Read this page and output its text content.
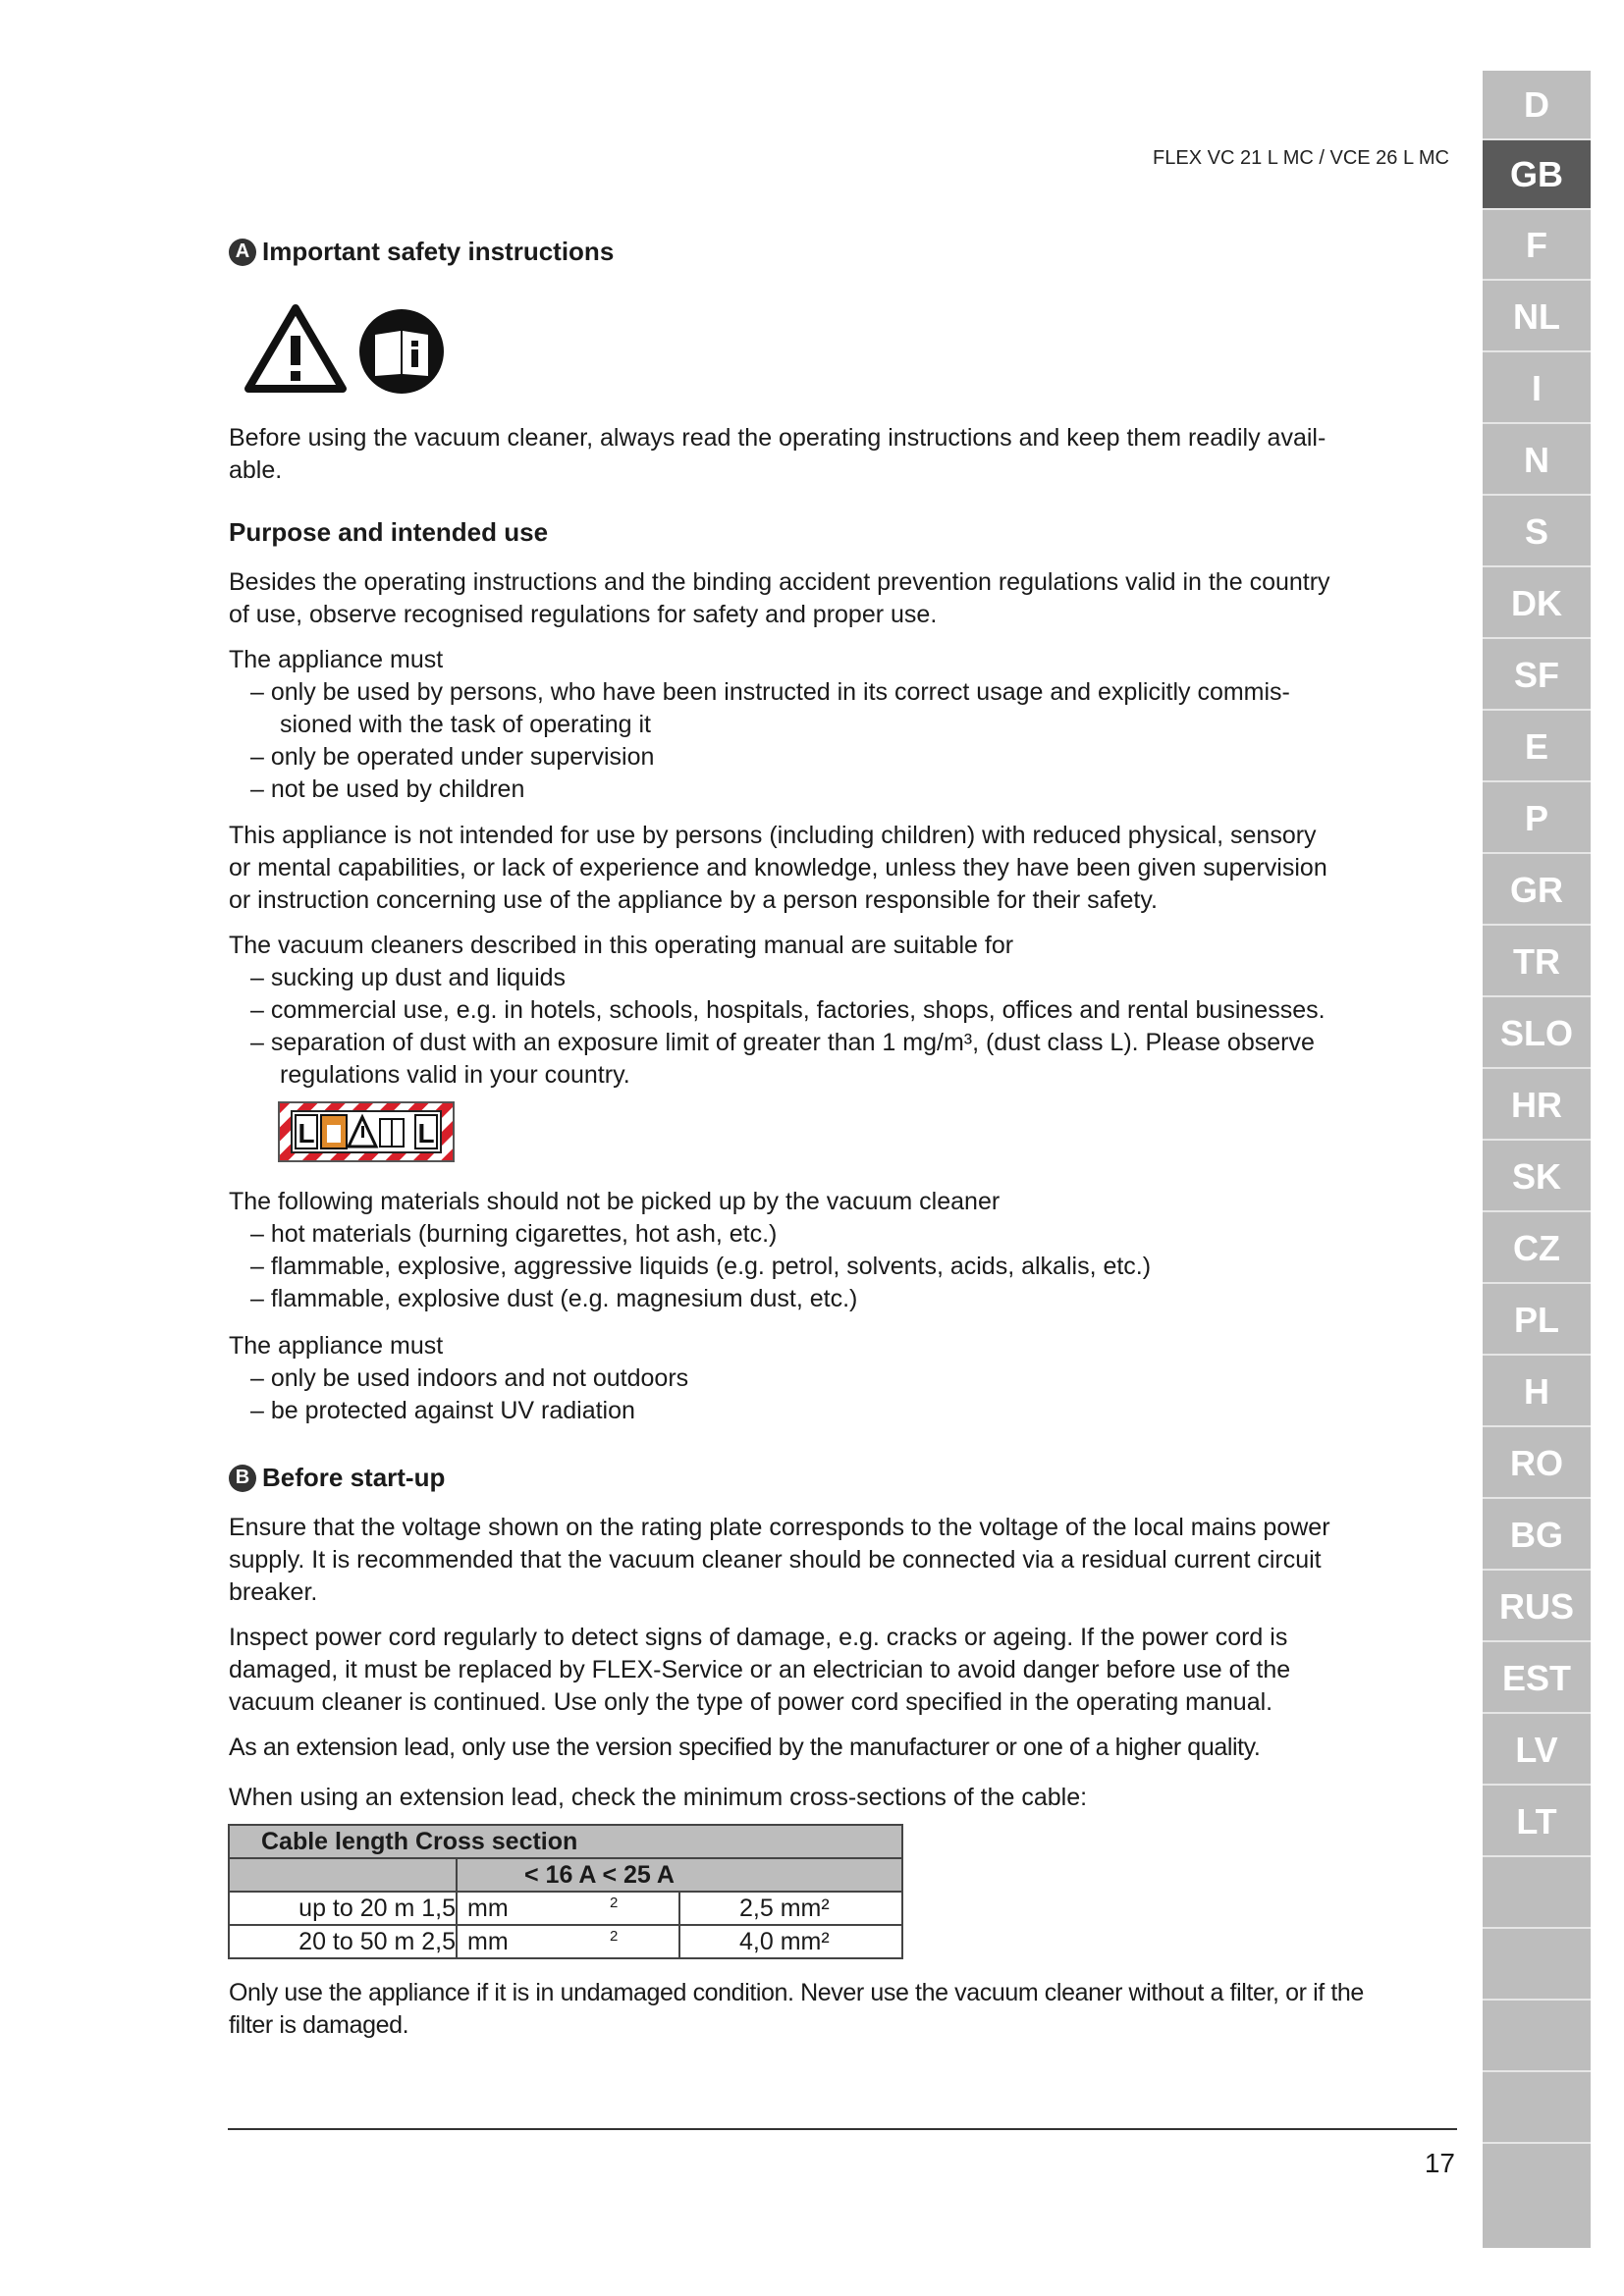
FLEX VC 21 L MC / VCE 26 L MC
D
GB
F
NL
I
N
S
DK
SF
E
P
GR
TR
SLO
HR
SK
CZ
PL
H
RO
BG
RUS
EST
LV
LT
A Important safety instructions

Before using the vacuum cleaner, always read the operating instructions and keep them readily avail-

able.

Purpose and intended use

Besides the operating instructions and the binding accident prevention regulations valid in the country

of use, observe recognised regulations for safety and proper use.

The appliance must

– only be used by persons, who have been instructed in its correct usage and explicitly commis-

sioned with the task of operating it

– only be operated under supervision

– not be used by children

This appliance is not intended for use by persons (including children) with reduced physical, sensory

or mental capabilities, or lack of experience and knowledge, unless they have been given supervision

or instruction concerning use of the appliance by a person responsible for their safety.

The vacuum cleaners described in this operating manual are suitable for

– sucking up dust and liquids

– commercial use, e.g. in hotels, schools, hospitals, factories, shops, offices and rental businesses.

– separation of dust with an exposure limit of greater than 1 mg/m³, (dust class L). Please observe

regulations valid in your country.

L	L

The following materials should not be picked up by the vacuum cleaner

– hot materials (burning cigarettes, hot ash, etc.)

– flammable, explosive, aggressive liquids (e.g. petrol, solvents, acids, alkalis, etc.)

– flammable, explosive dust (e.g. magnesium dust, etc.)

The appliance must

– only be used indoors and not outdoors

– be protected against UV radiation

B Before start-up

Ensure that the voltage shown on the rating plate corresponds to the voltage of the local mains power

supply. It is recommended that the vacuum cleaner should be connected via a residual current circuit

breaker.

Inspect power cord regularly to detect signs of damage, e.g. cracks or ageing. If the power cord is

damaged, it must be replaced by FLEX-Service or an electrician to avoid danger before use of the

vacuum cleaner is continued. Use only the type of power cord specified in the operating manual.

As an extension lead, only use the version specified by the manufacturer or one of a higher quality.
When using an extension lead, check the minimum cross-sections of the cable:
Cable length Cross section		
	< 16 A < 25 A	
up to 20 m 1,5	mm 2	2,5 mm²
20 to 50 m 2,5	mm 2	4,0 mm²

Only use the appliance if it is in undamaged condition. Never use the vacuum cleaner without a filter, or if the

filter is damaged.

17
